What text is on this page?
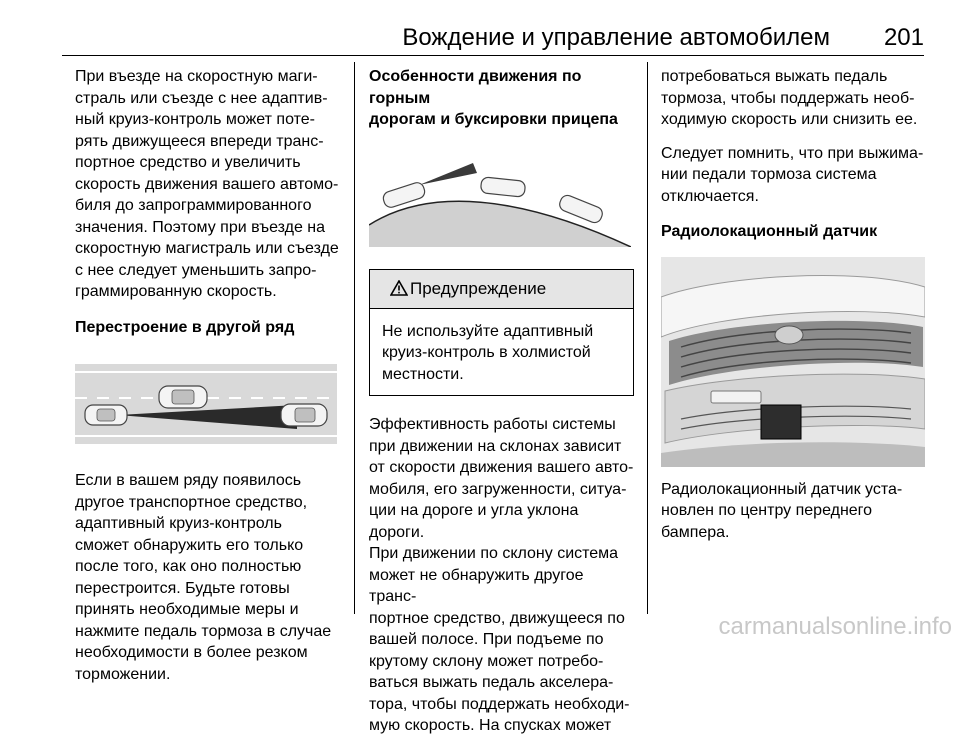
Вождение и управление автомобилем 201

При въезде на скоростную маги-
страль или съезде с нее адаптив-
ный круиз-контроль может поте-
рять движущееся впереди транс-
портное средство и увеличить
скорость движения вашего автомо-
биля до запрограммированного
значения. Поэтому при въезде на
скоростную магистраль или съезде
с нее следует уменьшить запро-
граммированную скорость.

Перестроение в другой ряд

Если в вашем ряду появилось
другое транспортное средство,
адаптивный круиз-контроль
сможет обнаружить его только
после того, как оно полностью
перестроится. Будьте готовы
принять необходимые меры и
нажмите педаль тормоза в случае
необходимости в более резком
торможении.

Особенности движения по горным
дорогам и буксировки прицепа
Предупреждение
Не используйте адаптивный
круиз-контроль в холмистой
местности.

Эффективность работы системы
при движении на склонах зависит
от скорости движения вашего авто-
мобиля, его загруженности, ситуа-
ции на дороге и угла уклона дороги.
При движении по склону система
может не обнаружить другое транс-
портное средство, движущееся по
вашей полосе. При подъеме по
крутому склону может потребо-
ваться выжать педаль акселера-
тора, чтобы поддержать необходи-
мую скорость. На спусках может

потребоваться выжать педаль
тормоза, чтобы поддержать необ-
ходимую скорость или снизить ее.

Следует помнить, что при выжима-
нии педали тормоза система
отключается.

Радиолокационный датчик

Радиолокационный датчик уста-
новлен по центру переднего
бампера.

carmanualsonline.info
